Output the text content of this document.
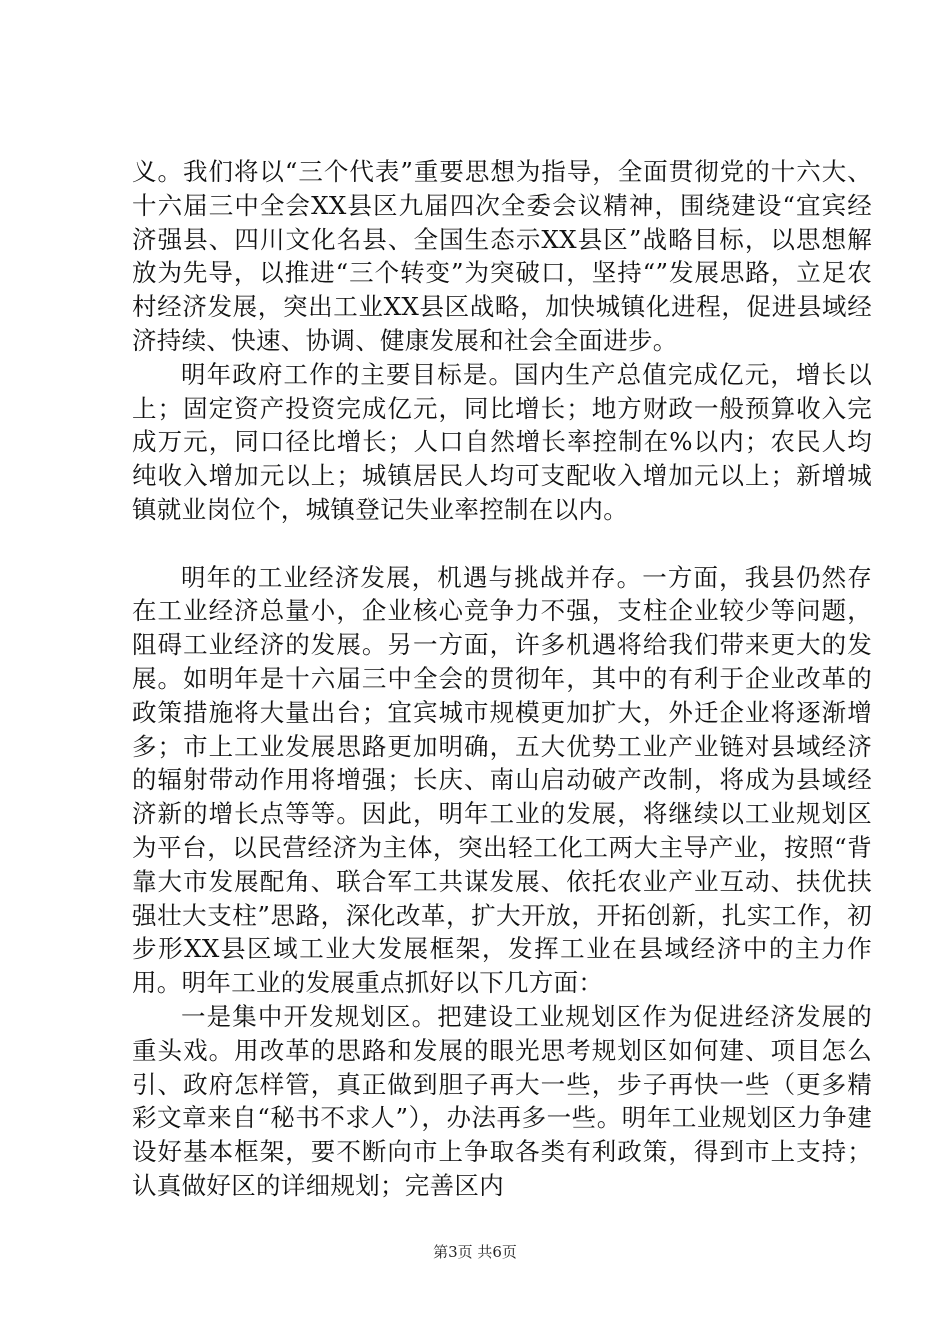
义。我们将以“三个代表”重要思想为指导，全面贯彻党的十六大、十六届三中全会XX县区九届四次全委会议精神，围绕建设“宜宾经济强县、四川文化名县、全国生态示XX县区”战略目标，以思想解放为先导，以推进“三个转变”为突破口，坚持“”发展思路，立足农村经济发展，突出工业XX县区战略，加快城镇化进程，促进县域经济持续、快速、协调、健康发展和社会全面进步。

明年政府工作的主要目标是。国内生产总值完成亿元，增长以上；固定资产投资完成亿元，同比增长；地方财政一般预算收入完成万元，同口径比增长；人口自然增长率控制在%以内；农民人均纯收入增加元以上；城镇居民人均可支配收入增加元以上；新增城镇就业岗位个，城镇登记失业率控制在以内。

明年的工业经济发展，机遇与挑战并存。一方面，我县仍然存在工业经济总量小，企业核心竞争力不强，支柱企业较少等问题，阻碍工业经济的发展。另一方面，许多机遇将给我们带来更大的发展。如明年是十六届三中全会的贯彻年，其中的有利于企业改革的政策措施将大量出台；宜宾城市规模更加扩大，外迁企业将逐渐增多；市上工业发展思路更加明确，五大优势工业产业链对县域经济的辐射带动作用将增强；长庆、南山启动破产改制，将成为县域经济新的增长点等等。因此，明年工业的发展，将继续以工业规划区为平台，以民营经济为主体，突出轻工化工两大主导产业，按照“背靠大市发展配角、联合军工共谋发展、依托农业产业互动、扶优扶强壮大支柱”思路，深化改革，扩大开放，开拓创新，扎实工作，初步形XX县区域工业大发展框架，发挥工业在县域经济中的主力作用。明年工业的发展重点抓好以下几方面：

一是集中开发规划区。把建设工业规划区作为促进经济发展的重头戏。用改革的思路和发展的眼光思考规划区如何建、项目怎么引、政府怎样管，真正做到胆子再大一些，步子再快一些（更多精彩文章来自“秘书不求人”），办法再多一些。明年工业规划区力争建设好基本框架，要不断向市上争取各类有利政策，得到市上支持；认真做好区的详细规划；完善区内

第3页 共6页
